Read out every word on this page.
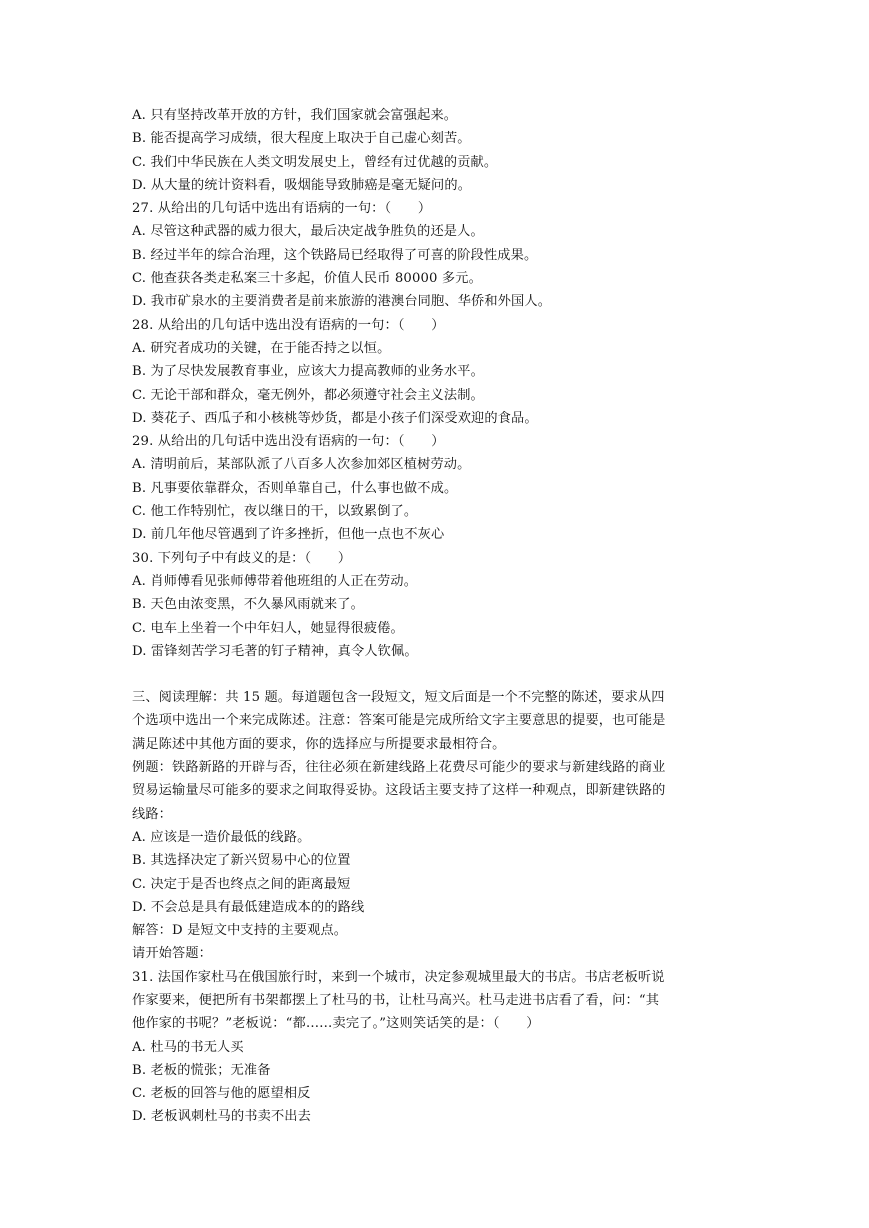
A. 只有坚持改革开放的方针，我们国家就会富强起来。
B. 能否提高学习成绩，很大程度上取决于自己虚心刻苦。
C. 我们中华民族在人类文明发展史上，曾经有过优越的贡献。
D. 从大量的统计资料看，吸烟能导致肺癌是毫无疑问的。
27. 从给出的几句话中选出有语病的一句：（　　）
A. 尽管这种武器的威力很大，最后决定战争胜负的还是人。
B. 经过半年的综合治理，这个铁路局已经取得了可喜的阶段性成果。
C. 他查获各类走私案三十多起，价值人民币 80000 多元。
D. 我市矿泉水的主要消费者是前来旅游的港澳台同胞、华侨和外国人。
28. 从给出的几句话中选出没有语病的一句：（　　）
A. 研究者成功的关键，在于能否持之以恒。
B. 为了尽快发展教育事业，应该大力提高教师的业务水平。
C. 无论干部和群众，毫无例外，都必须遵守社会主义法制。
D. 葵花子、西瓜子和小核桃等炒货，都是小孩子们深受欢迎的食品。
29. 从给出的几句话中选出没有语病的一句：（　　）
A. 清明前后，某部队派了八百多人次参加郊区植树劳动。
B. 凡事要依靠群众，否则单靠自己，什么事也做不成。
C. 他工作特别忙，夜以继日的干，以致累倒了。
D. 前几年他尽管遇到了许多挫折，但他一点也不灰心
30. 下列句子中有歧义的是：（　　）
A. 肖师傅看见张师傅带着他班组的人正在劳动。
B. 天色由浓变黑，不久暴风雨就来了。
C. 电车上坐着一个中年妇人，她显得很疲倦。
D. 雷锋刻苦学习毛著的钉子精神，真令人钦佩。
三、阅读理解：共 15 题。每道题包含一段短文，短文后面是一个不完整的陈述，要求从四
个选项中选出一个来完成陈述。注意：答案可能是完成所给文字主要意思的提要，也可能是
满足陈述中其他方面的要求，你的选择应与所提要求最相符合。
例题：铁路新路的开辟与否，往往必须在新建线路上花费尽可能少的要求与新建线路的商业
贸易运输量尽可能多的要求之间取得妥协。这段话主要支持了这样一种观点，即新建铁路的
线路：
A. 应该是一造价最低的线路。
B. 其选择决定了新兴贸易中心的位置
C. 决定于是否也终点之间的距离最短
D. 不会总是具有最低建造成本的的路线
解答：D 是短文中支持的主要观点。
请开始答题：
31. 法国作家杜马在俄国旅行时，来到一个城市，决定参观城里最大的书店。书店老板听说
作家要来，便把所有书架都摆上了杜马的书，让杜马高兴。杜马走进书店看了看，问：“其
他作家的书呢？”老板说：“都……卖完了。”这则笑话笑的是：（　　）
A. 杜马的书无人买
B. 老板的慌张；无准备
C. 老板的回答与他的愿望相反
D. 老板讽刺杜马的书卖不出去
